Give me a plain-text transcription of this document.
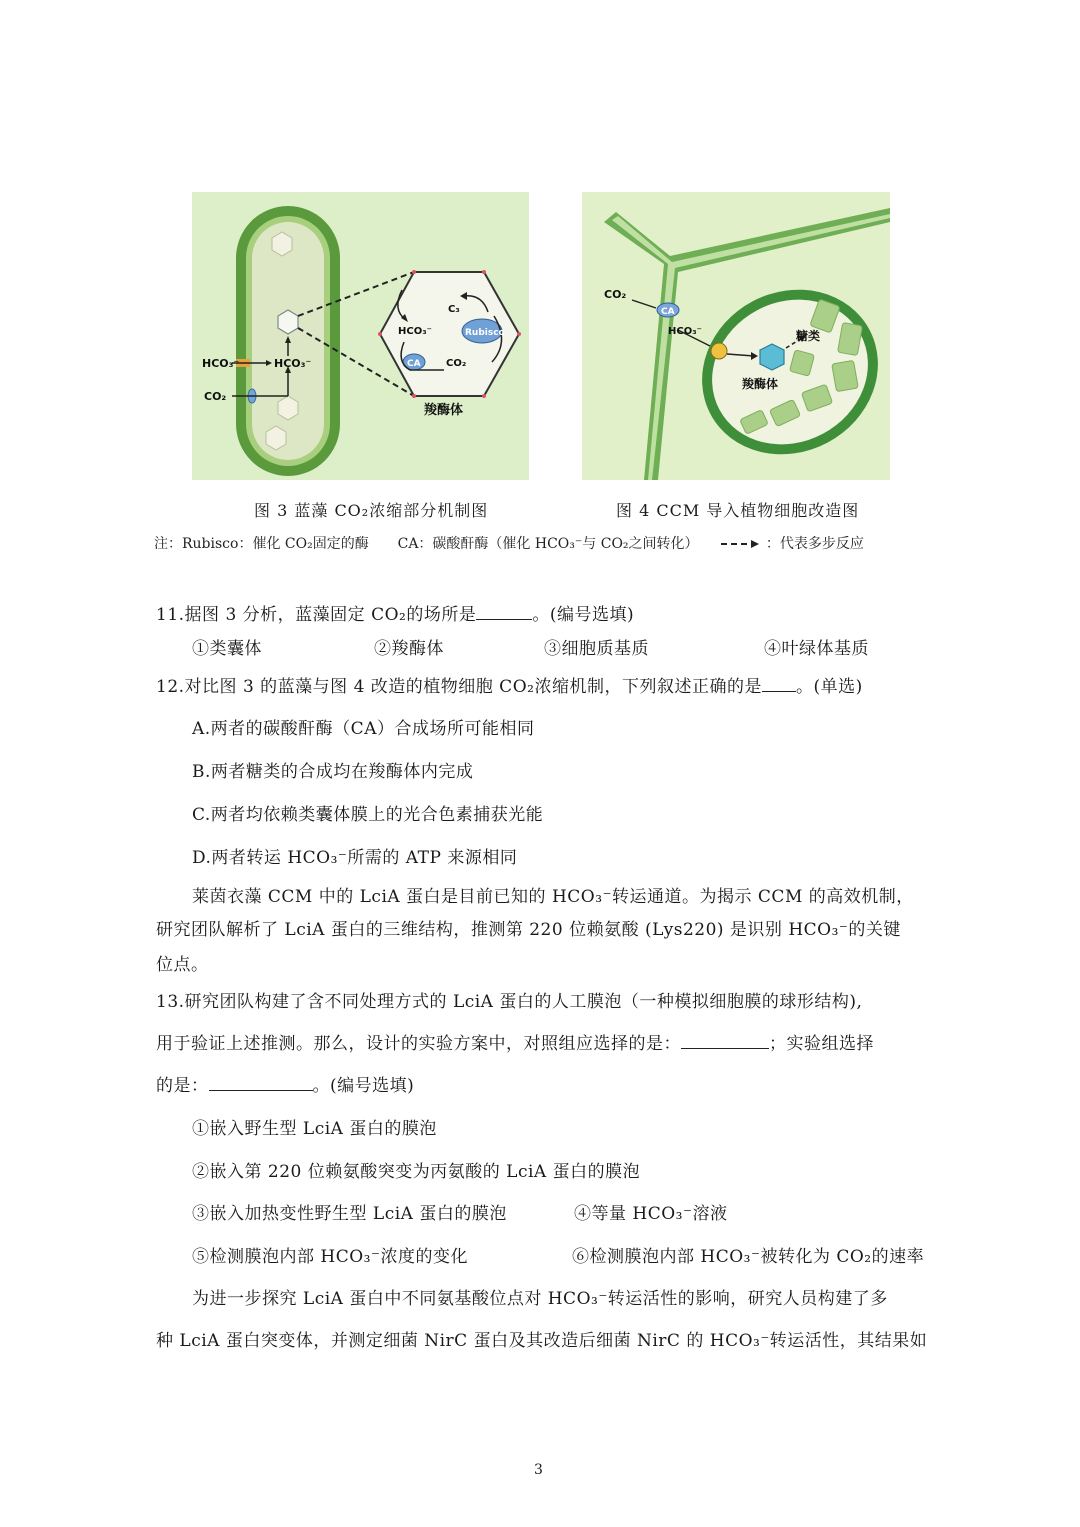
HCO₃⁻	HCO₃⁻
CO₂
HCO₃⁻
CO₂
C₃
CA
Rubisco
羧酶体
CO₂
CA
HCO₃⁻	糖类
羧酶体
图 3 蓝藻 CO₂浓缩部分机制图	图 4 CCM 导入植物细胞改造图
注：Rubisco：催化 CO₂固定的酶 CA：碳酸酐酶（催化 HCO₃⁻与 CO₂之间转化）	：代表多步反应
11.据图 3 分析，蓝藻固定 CO₂的场所是	。(编号选填)
①类囊体	②羧酶体	③细胞质基质	④叶绿体基质
12.对比图 3 的蓝藻与图 4 改造的植物细胞 CO₂浓缩机制，下列叙述正确的是 。(单选)
A.两者的碳酸酐酶（CA）合成场所可能相同
B.两者糖类的合成均在羧酶体内完成
C.两者均依赖类囊体膜上的光合色素捕获光能
D.两者转运 HCO₃⁻所需的 ATP 来源相同
莱茵衣藻 CCM 中的 LciA 蛋白是目前已知的 HCO₃⁻转运通道。为揭示 CCM 的高效机制，
研究团队解析了 LciA 蛋白的三维结构，推测第 220 位赖氨酸 (Lys220) 是识别 HCO₃⁻的关键
位点。
13.研究团队构建了含不同处理方式的 LciA 蛋白的人工膜泡（一种模拟细胞膜的球形结构),
用于验证上述推测。那么，设计的实验方案中，对照组应选择的是：	；实验组选择
的是：	。(编号选填)
①嵌入野生型 LciA 蛋白的膜泡
②嵌入第 220 位赖氨酸突变为丙氨酸的 LciA 蛋白的膜泡
③嵌入加热变性野生型 LciA 蛋白的膜泡	④等量 HCO₃⁻溶液
⑤检测膜泡内部 HCO₃⁻浓度的变化	⑥检测膜泡内部 HCO₃⁻被转化为 CO₂的速率
为进一步探究 LciA 蛋白中不同氨基酸位点对 HCO₃⁻转运活性的影响，研究人员构建了多
种 LciA 蛋白突变体，并测定细菌 NirC 蛋白及其改造后细菌 NirC 的 HCO₃⁻转运活性，其结果如
3
